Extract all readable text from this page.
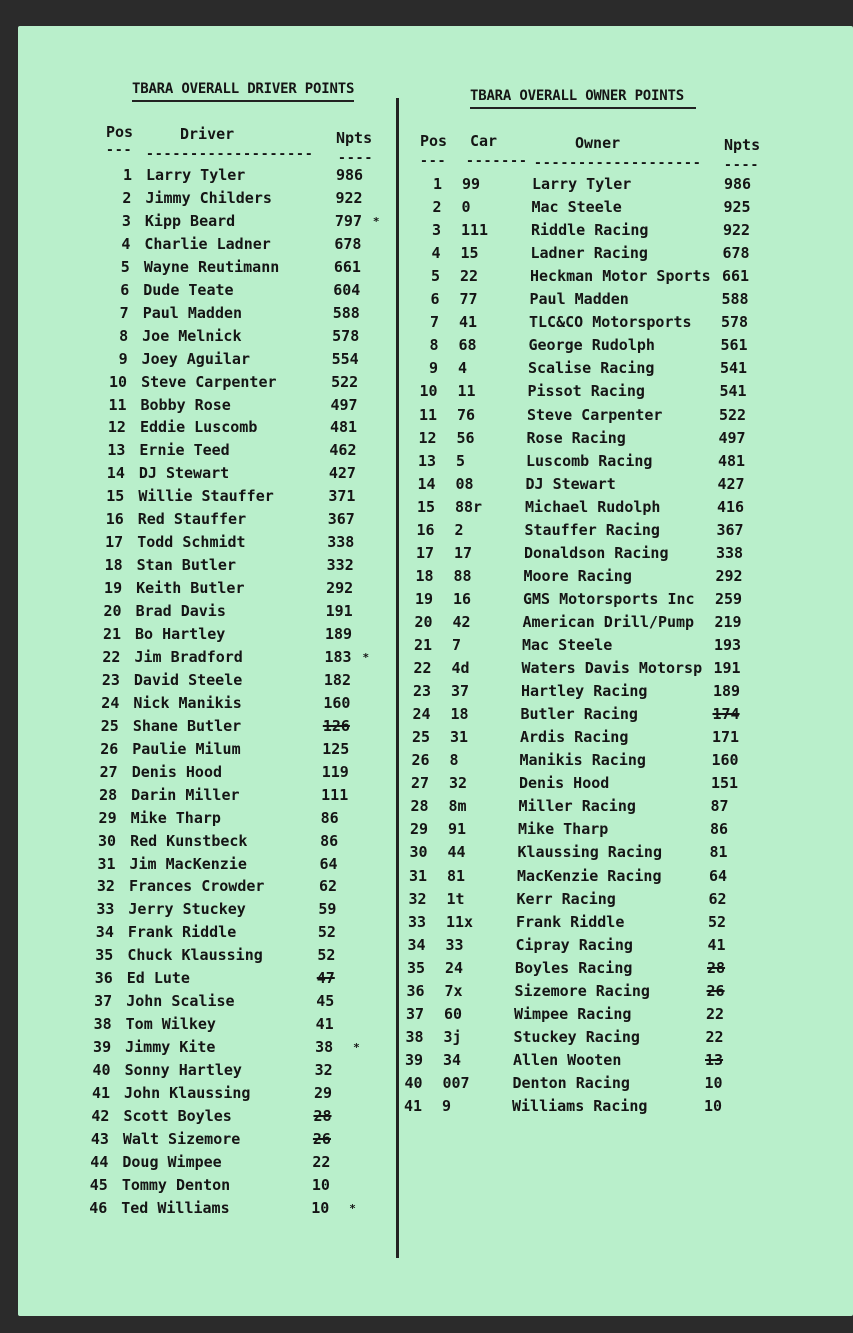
TBARA OVERALL DRIVER POINTS	TBARA OVERALL OWNER POINTS
Pos	Driver	Npts
--- ------------------- ----
Pos Car	Owner	Npts
--- ------- ------------------- ----
1 Larry Tyler	986
2 Jimmy Childers	922
3 Kipp Beard	797 *
4 Charlie Ladner	678
5 Wayne Reutimann	661
6 Dude Teate	604
7 Paul Madden	588
8 Joe Melnick	578
9 Joey Aguilar	554
10 Steve Carpenter	522
11 Bobby Rose	497
12 Eddie Luscomb	481
13 Ernie Teed	462
14 DJ Stewart	427
15 Willie Stauffer	371
16 Red Stauffer	367
17 Todd Schmidt	338
18 Stan Butler	332
19 Keith Butler	292
20 Brad Davis	191
21 Bo Hartley	189
22 Jim Bradford	183 *
23 David Steele	182
24 Nick Manikis	160
25 Shane Butler	126
26 Paulie Milum	125
27 Denis Hood	119
28 Darin Miller	111
29 Mike Tharp	86
30 Red Kunstbeck	86
31 Jim MacKenzie	64
32 Frances Crowder	62
33 Jerry Stuckey	59
34 Frank Riddle	52
35 Chuck Klaussing	52
36 Ed Lute	47
37 John Scalise	45
38 Tom Wilkey	41
39 Jimmy Kite	38 *
40 Sonny Hartley	32
41 John Klaussing	29
42 Scott Boyles	28
43 Walt Sizemore	26
44 Doug Wimpee	22
45 Tommy Denton	10
46 Ted Williams	10 *
1 99	Larry Tyler	986
2 0	Mac Steele	925
3 111	Riddle Racing	922
4 15	Ladner Racing	678
5 22	Heckman Motor Sports 661
6 77	Paul Madden	588
7 41	TLC&CO Motorsports 578
8 68	George Rudolph	561
9 4	Scalise Racing	541
10 11	Pissot Racing	541
11 76	Steve Carpenter	522
12 56	Rose Racing	497
13 5	Luscomb Racing	481
14 08	DJ Stewart	427
15 88r	Michael Rudolph	416
16 2	Stauffer Racing	367
17 17	Donaldson Racing	338
18 88	Moore Racing	292
19 16	GMS Motorsports Inc 259
20 42	American Drill/Pump 219
21 7	Mac Steele	193
22 4d	Waters Davis Motorsp 191
23 37	Hartley Racing	189
24 18	Butler Racing	174
25 31	Ardis Racing	171
26 8	Manikis Racing	160
27 32	Denis Hood	151
28 8m	Miller Racing	87
29 91	Mike Tharp	86
30 44	Klaussing Racing	81
31 81	MacKenzie Racing	64
32 1t	Kerr Racing	62
33 11x	Frank Riddle	52
34 33	Cipray Racing	41
35 24	Boyles Racing	28
36 7x	Sizemore Racing	26
37 60	Wimpee Racing	22
38 3j	Stuckey Racing	22
39 34	Allen Wooten	13
40 007	Denton Racing	10
41 9	Williams Racing	10
